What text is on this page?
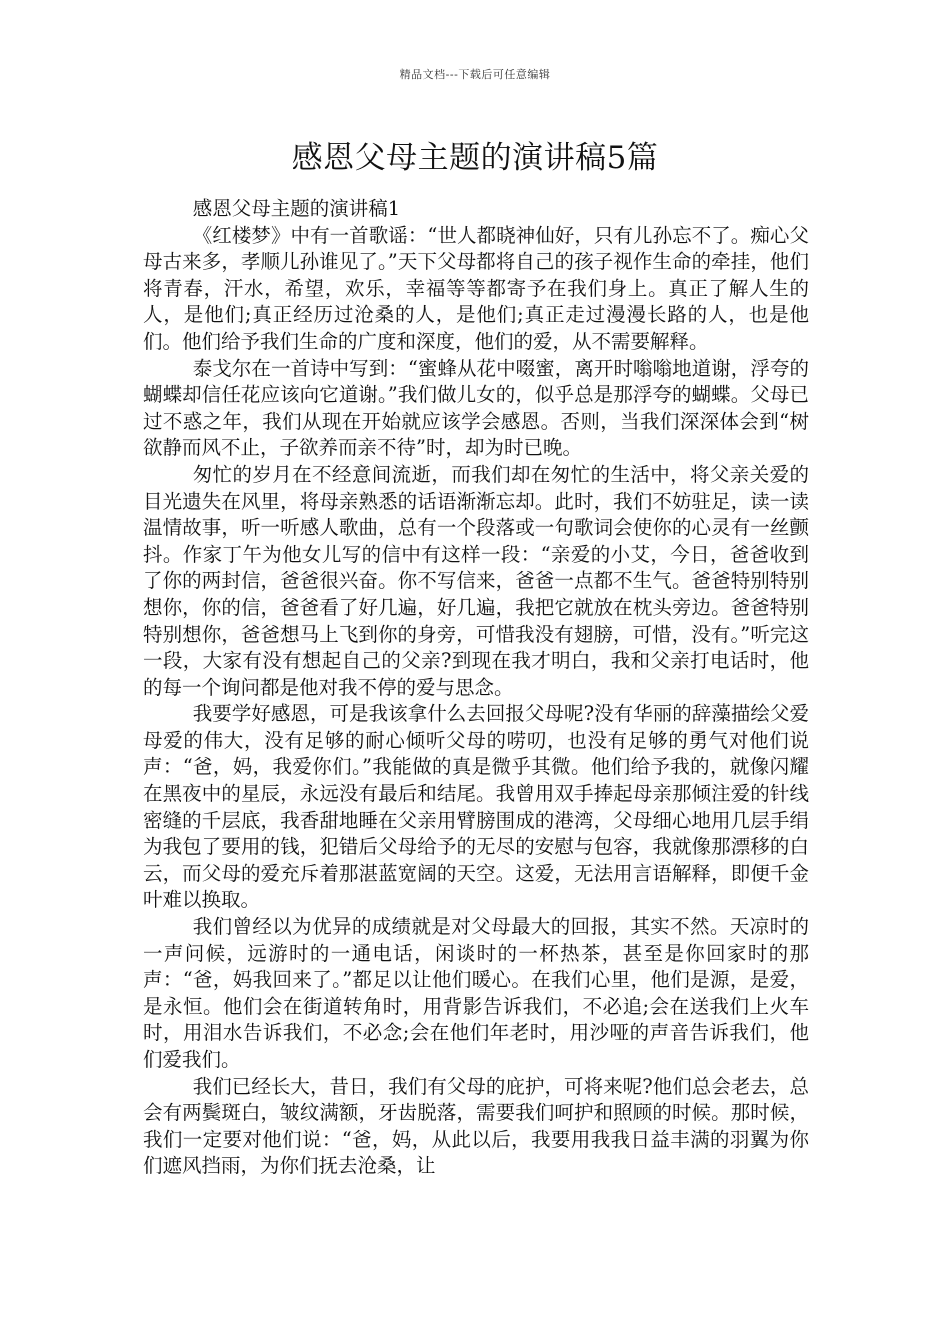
精品文档---下载后可任意编辑
感恩父母主题的演讲稿5篇

感恩父母主题的演讲稿1

《红楼梦》中有一首歌谣：“世人都晓神仙好，只有儿孙忘不了。痴心父母古来多，孝顺儿孙谁见了。”天下父母都将自己的孩子视作生命的牵挂，他们将青春，汗水，希望，欢乐，幸福等等都寄予在我们身上。真正了解人生的人，是他们;真正经历过沧桑的人，是他们;真正走过漫漫长路的人，也是他们。他们给予我们生命的广度和深度，他们的爱，从不需要解释。

泰戈尔在一首诗中写到：“蜜蜂从花中啜蜜，离开时嗡嗡地道谢，浮夸的蝴蝶却信任花应该向它道谢。”我们做儿女的，似乎总是那浮夸的蝴蝶。父母已过不惑之年，我们从现在开始就应该学会感恩。否则，当我们深深体会到“树欲静而风不止，子欲养而亲不待”时，却为时已晚。

匆忙的岁月在不经意间流逝，而我们却在匆忙的生活中，将父亲关爱的目光遗失在风里，将母亲熟悉的话语渐渐忘却。此时，我们不妨驻足，读一读温情故事，听一听感人歌曲，总有一个段落或一句歌词会使你的心灵有一丝颤抖。作家丁午为他女儿写的信中有这样一段：“亲爱的小艾，今日，爸爸收到了你的两封信，爸爸很兴奋。你不写信来，爸爸一点都不生气。爸爸特别特别想你，你的信，爸爸看了好几遍，好几遍，我把它就放在枕头旁边。爸爸特别特别想你，爸爸想马上飞到你的身旁，可惜我没有翅膀，可惜，没有。”听完这一段，大家有没有想起自己的父亲?到现在我才明白，我和父亲打电话时，他的每一个询问都是他对我不停的爱与思念。

我要学好感恩，可是我该拿什么去回报父母呢?没有华丽的辞藻描绘父爱母爱的伟大，没有足够的耐心倾听父母的唠叨，也没有足够的勇气对他们说声：“爸，妈，我爱你们。”我能做的真是微乎其微。他们给予我的，就像闪耀在黑夜中的星辰，永远没有最后和结尾。我曾用双手捧起母亲那倾注爱的针线密缝的千层底，我香甜地睡在父亲用臂膀围成的港湾，父母细心地用几层手绢为我包了要用的钱，犯错后父母给予的无尽的安慰与包容，我就像那漂移的白云，而父母的爱充斥着那湛蓝宽阔的天空。这爱，无法用言语解释，即便千金叶难以换取。

我们曾经以为优异的成绩就是对父母最大的回报，其实不然。天凉时的一声问候，远游时的一通电话，闲谈时的一杯热茶，甚至是你回家时的那声：“爸，妈我回来了。”都足以让他们暖心。在我们心里，他们是源，是爱，是永恒。他们会在街道转角时，用背影告诉我们，不必追;会在送我们上火车时，用泪水告诉我们，不必念;会在他们年老时，用沙哑的声音告诉我们，他们爱我们。

我们已经长大，昔日，我们有父母的庇护，可将来呢?他们总会老去，总会有两鬓斑白，皱纹满额，牙齿脱落，需要我们呵护和照顾的时候。那时候，我们一定要对他们说：“爸，妈，从此以后，我要用我我日益丰满的羽翼为你们遮风挡雨，为你们抚去沧桑，让
